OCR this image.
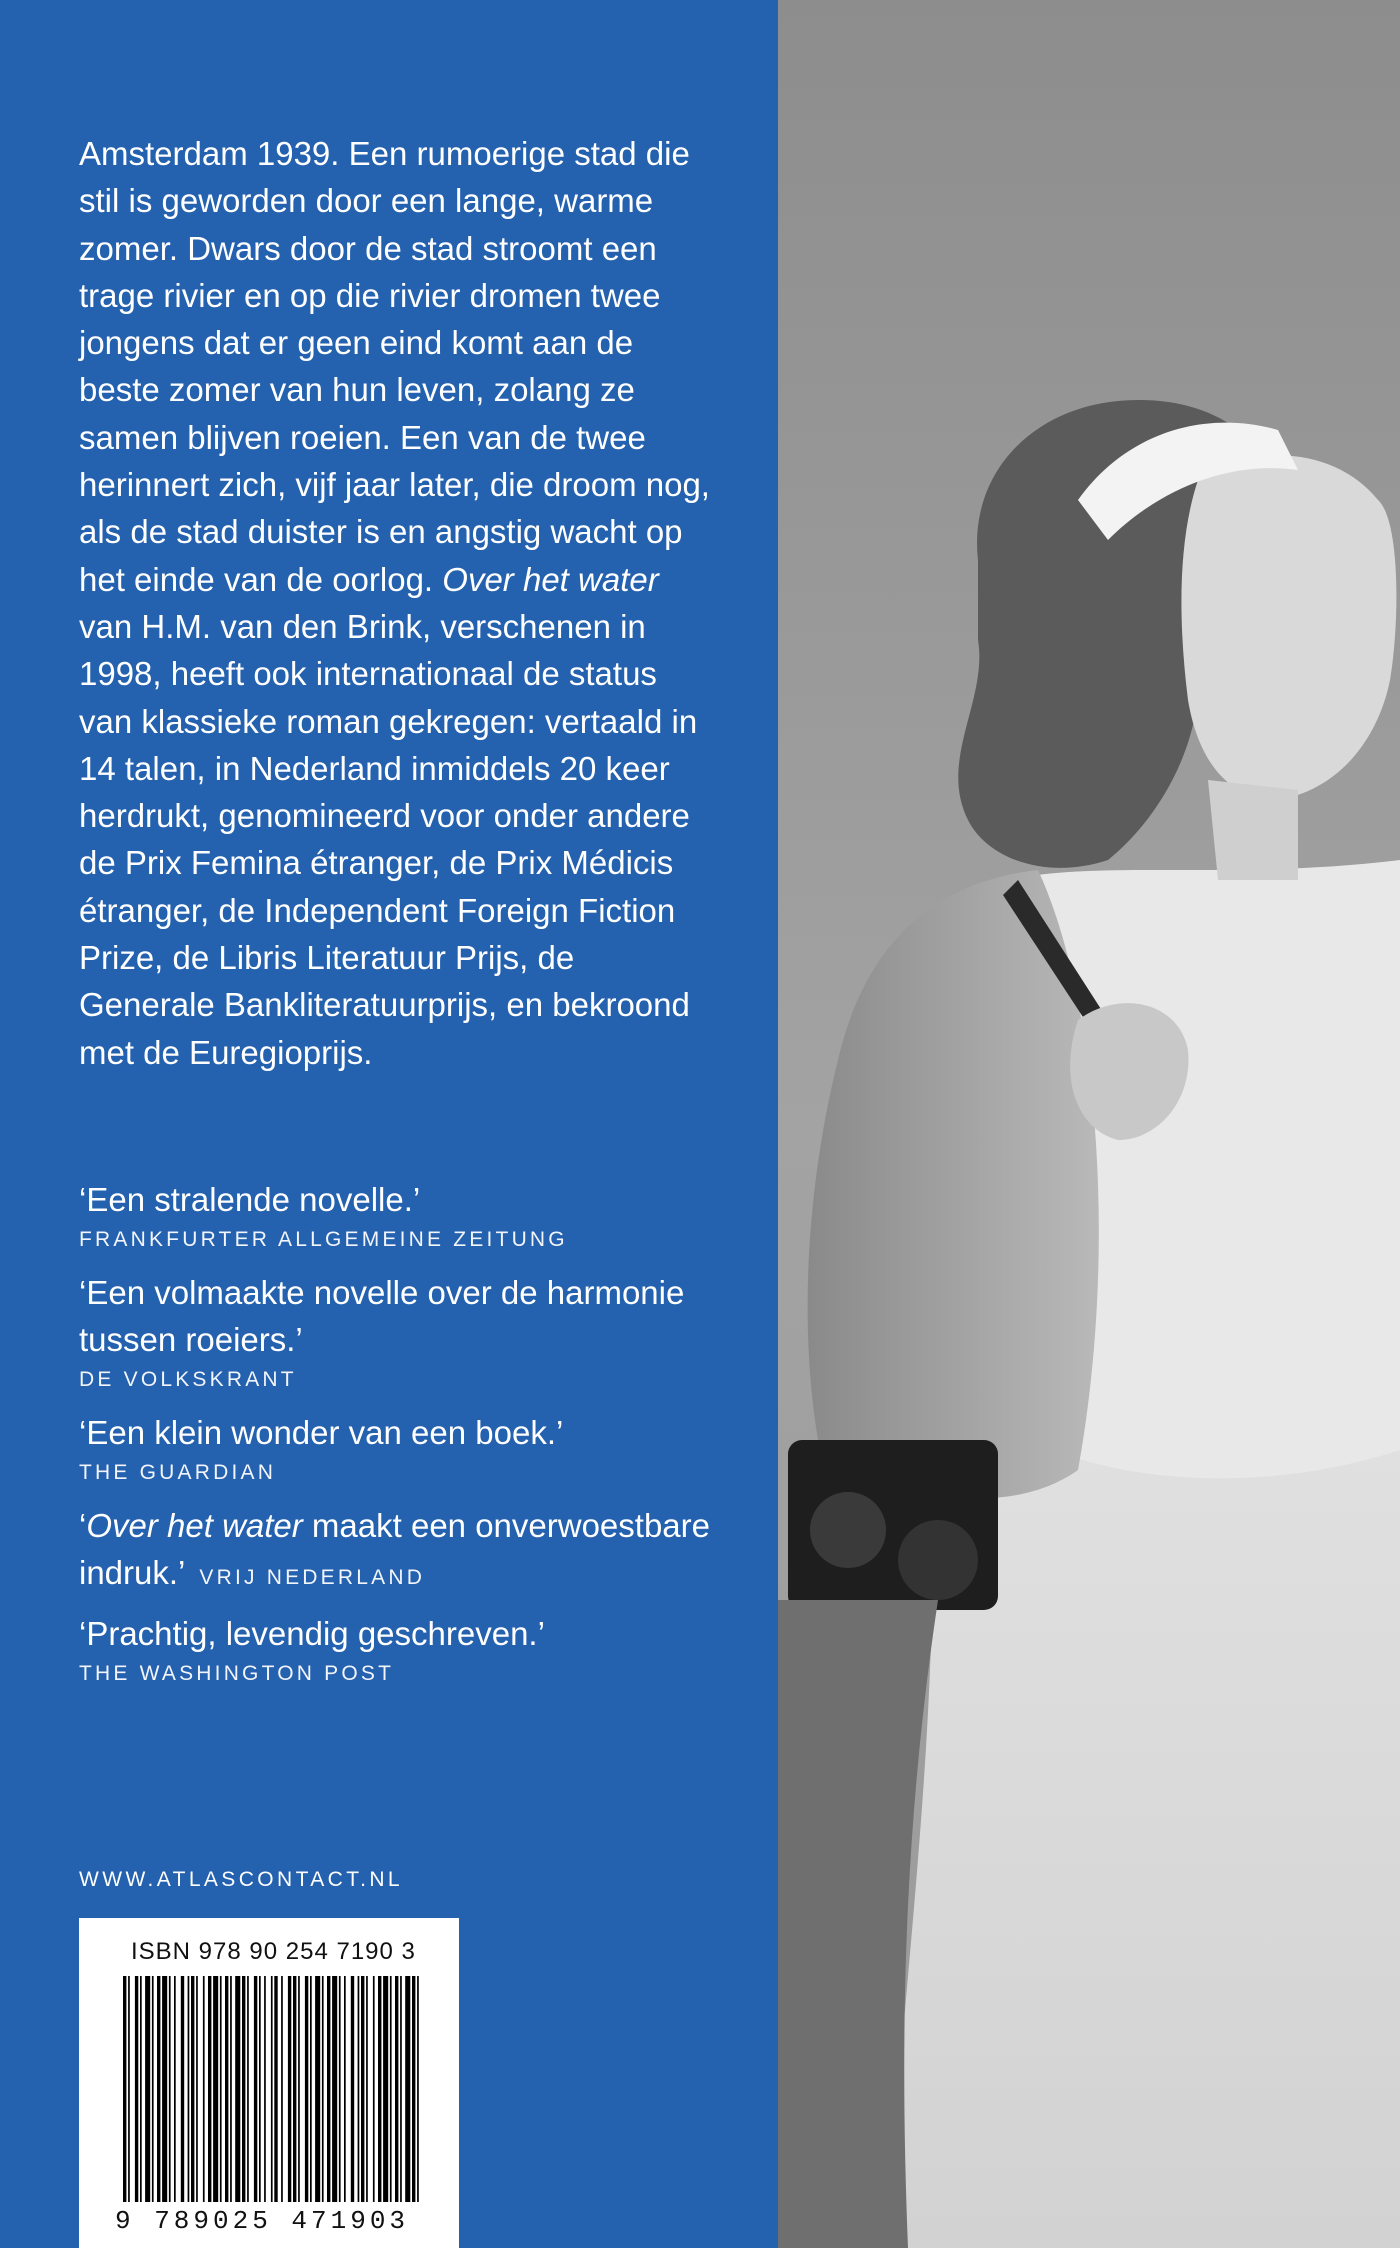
Amsterdam 1939. Een rumoerige stad die stil is geworden door een lange, warme zomer. Dwars door de stad stroomt een trage rivier en op die rivier dromen twee jongens dat er geen eind komt aan de beste zomer van hun leven, zolang ze samen blijven roeien. Een van de twee herinnert zich, vijf jaar later, die droom nog, als de stad duister is en angstig wacht op het einde van de oorlog. Over het water van H.M. van den Brink, verschenen in 1998, heeft ook internationaal de status van klassieke roman gekregen: vertaald in 14 talen, in Nederland inmiddels 20 keer herdrukt, genomineerd voor onder andere de Prix Femina étranger, de Prix Médicis étranger, de Independent Foreign Fiction Prize, de Libris Literatuur Prijs, de Generale Bankliteratuurprijs, en bekroond met de Euregioprijs.

‘Een stralende novelle.’

FRANKFURTER ALLGEMEINE ZEITUNG

‘Een volmaakte novelle over de harmonie tussen roeiers.’

DE VOLKSKRANT

‘Een klein wonder van een boek.’

THE GUARDIAN

‘Over het water maakt een onverwoestbare indruk.’ VRIJ NEDERLAND

‘Prachtig, levendig geschreven.’

THE WASHINGTON POST

WWW.ATLASCONTACT.NL
ISBN 978 90 254 7190 3
9 789025 471903
